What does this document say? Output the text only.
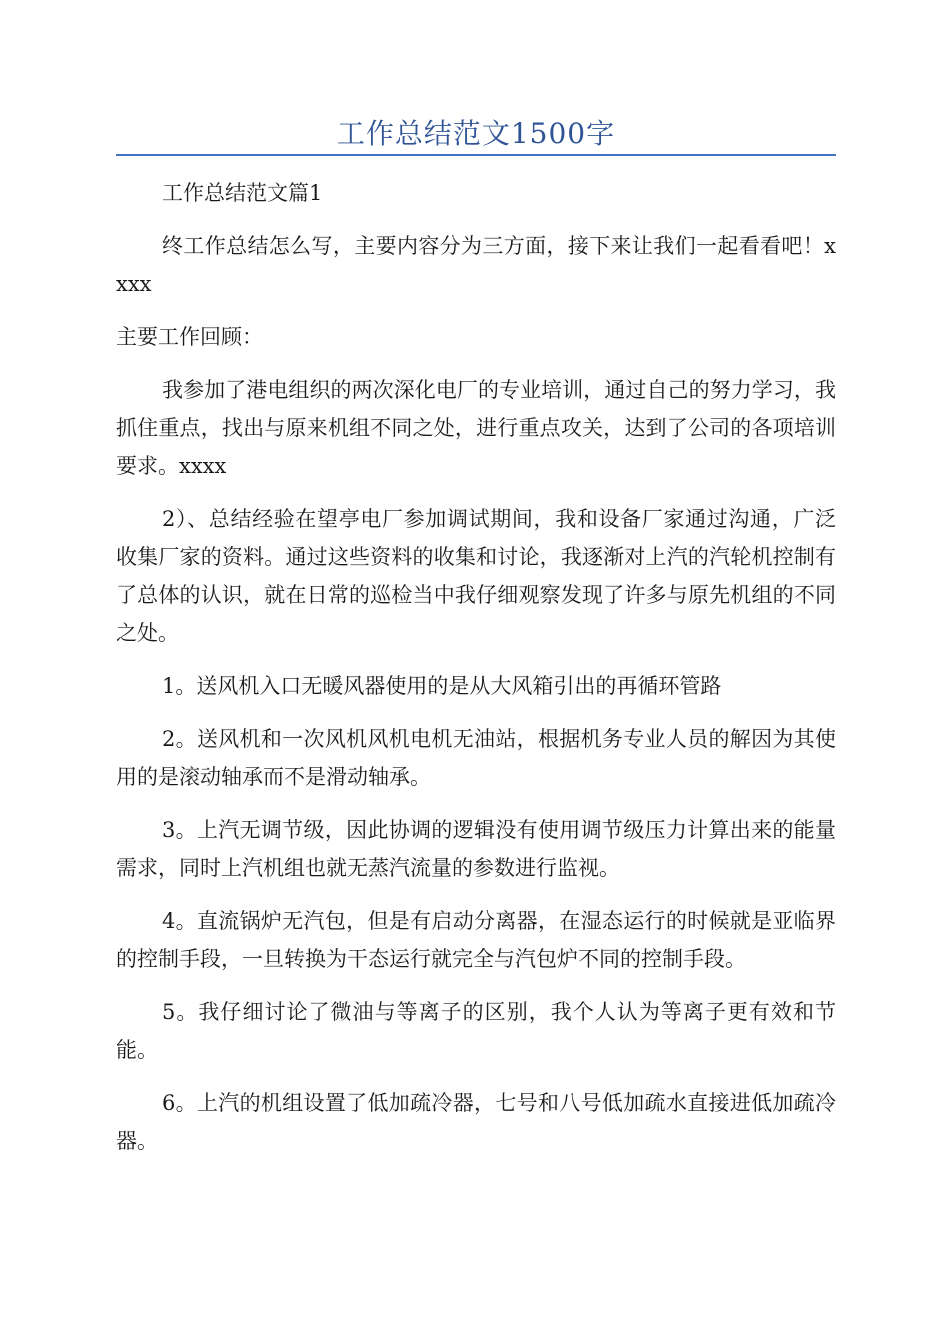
工作总结范文1500字

工作总结范文篇1

终工作总结怎么写，主要内容分为三方面，接下来让我们一起看看吧！xxxx

主要工作回顾：

我参加了港电组织的两次深化电厂的专业培训，通过自己的努力学习，我抓住重点，找出与原来机组不同之处，进行重点攻关，达到了公司的各项培训要求。xxxx

2）、总结经验在望亭电厂参加调试期间，我和设备厂家通过沟通，广泛收集厂家的资料。通过这些资料的收集和讨论，我逐渐对上汽的汽轮机控制有了总体的认识，就在日常的巡检当中我仔细观察发现了许多与原先机组的不同之处。

1。送风机入口无暖风器使用的是从大风箱引出的再循环管路

2。送风机和一次风机风机电机无油站，根据机务专业人员的解因为其使用的是滚动轴承而不是滑动轴承。

3。上汽无调节级，因此协调的逻辑没有使用调节级压力计算出来的能量需求，同时上汽机组也就无蒸汽流量的参数进行监视。

4。直流锅炉无汽包，但是有启动分离器，在湿态运行的时候就是亚临界的控制手段，一旦转换为干态运行就完全与汽包炉不同的控制手段。

5。我仔细讨论了微油与等离子的区别，我个人认为等离子更有效和节能。

6。上汽的机组设置了低加疏冷器，七号和八号低加疏水直接进低加疏冷器。
